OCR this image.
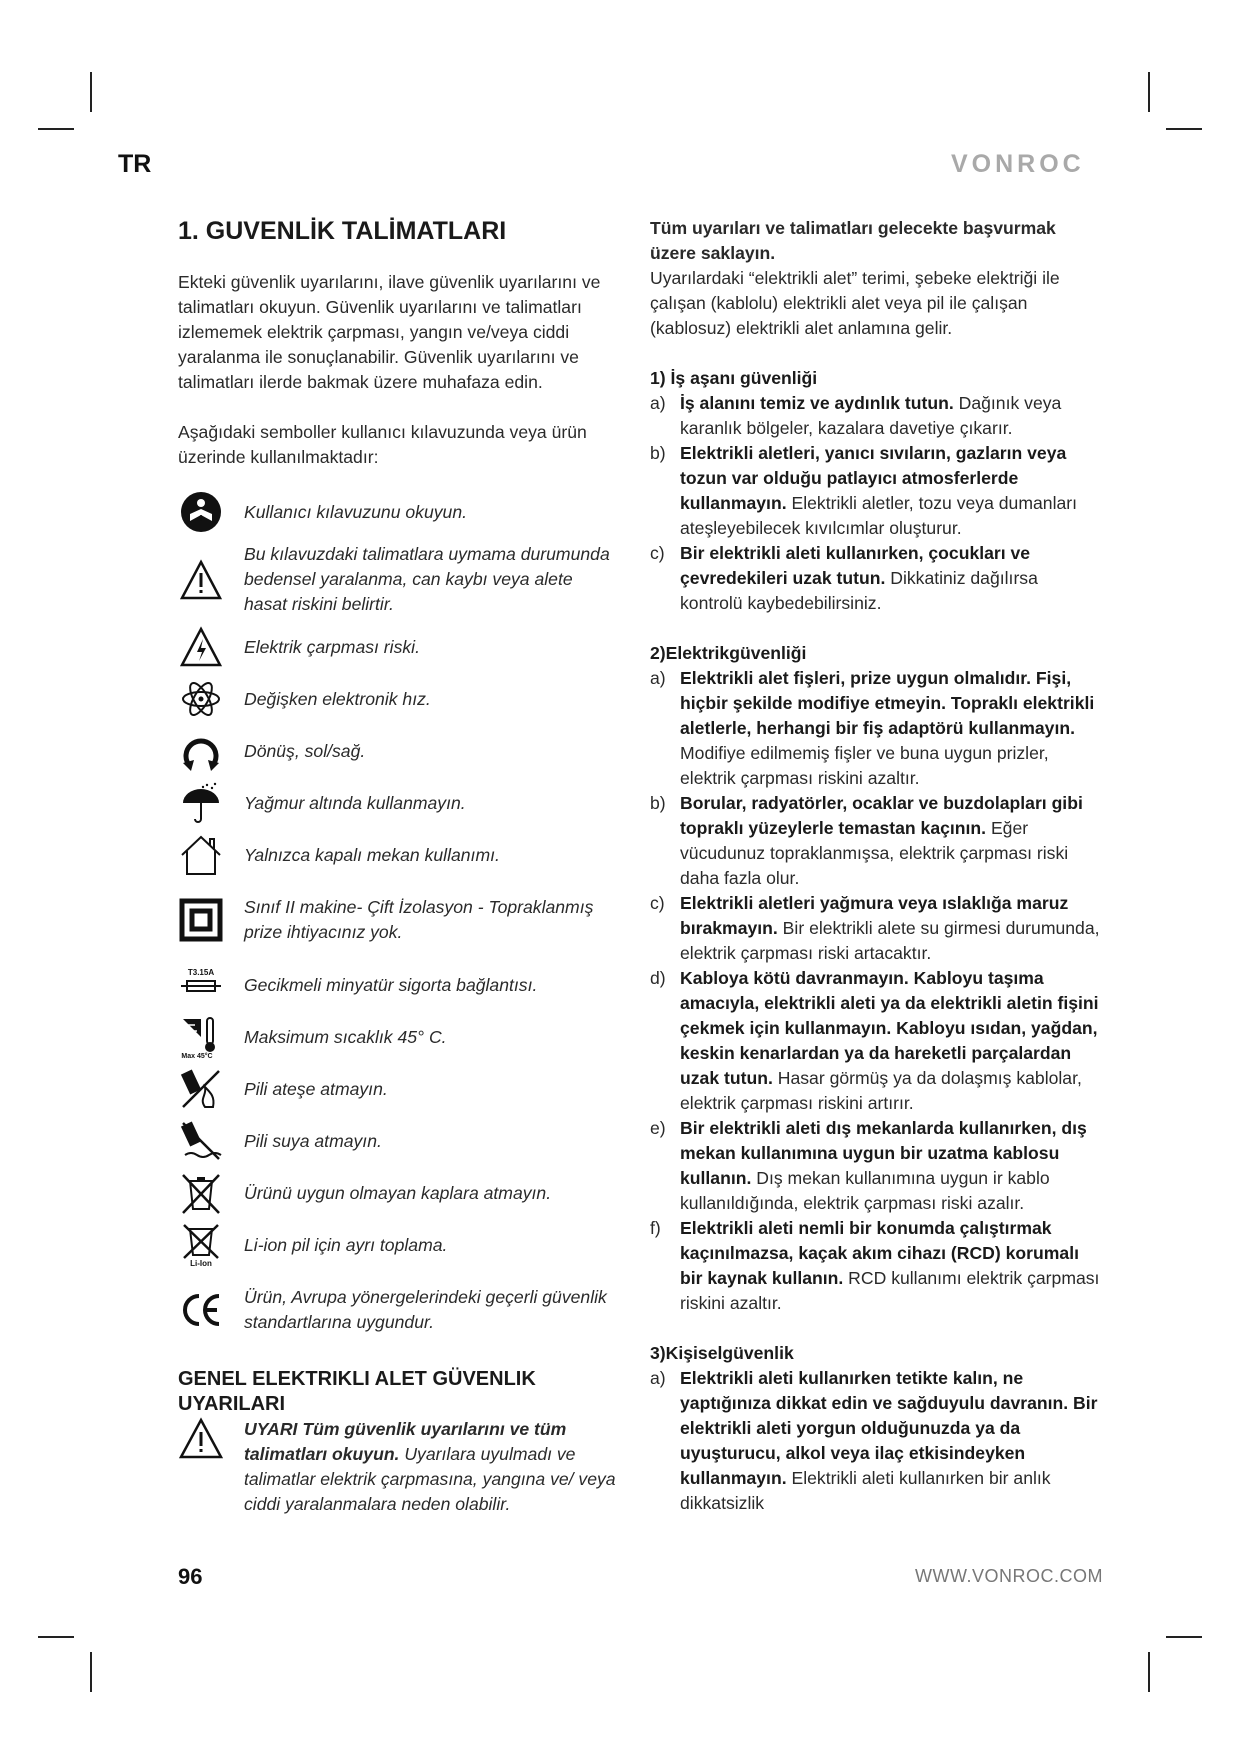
TR	VONROC
1. GUVENLİK TALİMATLARI

Ekteki güvenlik uyarılarını, ilave güvenlik uyarılarını ve talimatları okuyun. Güvenlik uyarılarını ve talimatları izlememek elektrik çarpması, yangın ve/veya ciddi yaralanma ile sonuçlanabilir. Güvenlik uyarılarını ve talimatları ilerde bakmak üzere muhafaza edin.

Aşağıdaki semboller kullanıcı kılavuzunda veya ürün üzerinde kullanılmaktadır:

Kullanıcı kılavuzunu okuyun.
Bu kılavuzdaki talimatlara uymama durumunda bedensel yaralanma, can kaybı veya alete hasat riskini belirtir.
Elektrik çarpması riski.
Değişken elektronik hız.
Dönüş, sol/sağ.
Yağmur altında kullanmayın.
Yalnızca kapalı mekan kullanımı.
Sınıf II makine- Çift İzolasyon - Topraklanmış prize ihtiyacınız yok.
T3.15A
Gecikmeli minyatür sigorta bağlantısı.
Max 45°C
Maksimum sıcaklık 45° C.
Pili ateşe atmayın.
Pili suya atmayın.
Ürünü uygun olmayan kaplara atmayın.
Li-Ion
Li-ion pil için ayrı toplama.
Ürün, Avrupa yönergelerindeki geçerli güvenlik standartlarına uygundur.
GENEL ELEKTRIKLI ALET GÜVENLIK UYARILARI

UYARI Tüm güvenlik uyarılarını ve tüm talimatları okuyun. Uyarılara uyulmadı ve talimatlar elektrik çarpmasına, yangına ve/ veya ciddi yaralanmalara neden olabilir.

Tüm uyarıları ve talimatları gelecekte başvurmak üzere saklayın.

Uyarılardaki “elektrikli alet” terimi, şebeke elektriği ile çalışan (kablolu) elektrikli alet veya pil ile çalışan (kablosuz) elektrikli alet anlamına gelir.

1) İş aşanı güvenliği
a) İş alanını temiz ve aydınlık tutun. Dağınık veya karanlık bölgeler, kazalara davetiye çıkarır.

b) Elektrikli aletleri, yanıcı sıvıların, gazların veya tozun var olduğu patlayıcı atmosferlerde kullanmayın. Elektrikli aletler, tozu veya dumanları ateşleyebilecek kıvılcımlar oluşturur.

c) Bir elektrikli aleti kullanırken, çocukları ve çevredekileri uzak tutun. Dikkatiniz dağılırsa kontrolü kaybedebilirsiniz.

2)Elektrikgüvenliği
a) Elektrikli alet fişleri, prize uygun olmalıdır. Fişi, hiçbir şekilde modifiye etmeyin. Topraklı elektrikli aletlerle, herhangi bir fiş adaptörü kullanmayın. Modifiye edilmemiş fişler ve buna uygun prizler, elektrik çarpması riskini azaltır.

b) Borular, radyatörler, ocaklar ve buzdolapları gibi topraklı yüzeylerle temastan kaçının. Eğer vücudunuz topraklanmışsa, elektrik çarpması riski daha fazla olur.

c) Elektrikli aletleri yağmura veya ıslaklığa maruz bırakmayın. Bir elektrikli alete su girmesi durumunda, elektrik çarpması riski artacaktır.

d) Kabloya kötü davranmayın. Kabloyu taşıma amacıyla, elektrikli aleti ya da elektrikli aletin fişini çekmek için kullanmayın. Kabloyu ısıdan, yağdan, keskin kenarlardan ya da hareketli parçalardan uzak tutun. Hasar görmüş ya da dolaşmış kablolar, elektrik çarpması riskini artırır.

e) Bir elektrikli aleti dış mekanlarda kullanırken, dış mekan kullanımına uygun bir uzatma kablosu kullanın. Dış mekan kullanımına uygun ir kablo kullanıldığında, elektrik çarpması riski azalır.

f)	Elektrikli aleti nemli bir konumda çalıştırmak kaçınılmazsa, kaçak akım cihazı (RCD) korumalı bir kaynak kullanın. RCD kullanımı elektrik çarpması riskini azaltır.

3)Kişiselgüvenlik
a) Elektrikli aleti kullanırken tetikte kalın, ne yaptığınıza dikkat edin ve sağduyulu davranın. Bir elektrikli aleti yorgun olduğunuzda ya da uyuşturucu, alkol veya ilaç etkisindeyken kullanmayın. Elektrikli aleti kullanırken bir anlık dikkatsizlik

96	WWW.VONROC.COM
